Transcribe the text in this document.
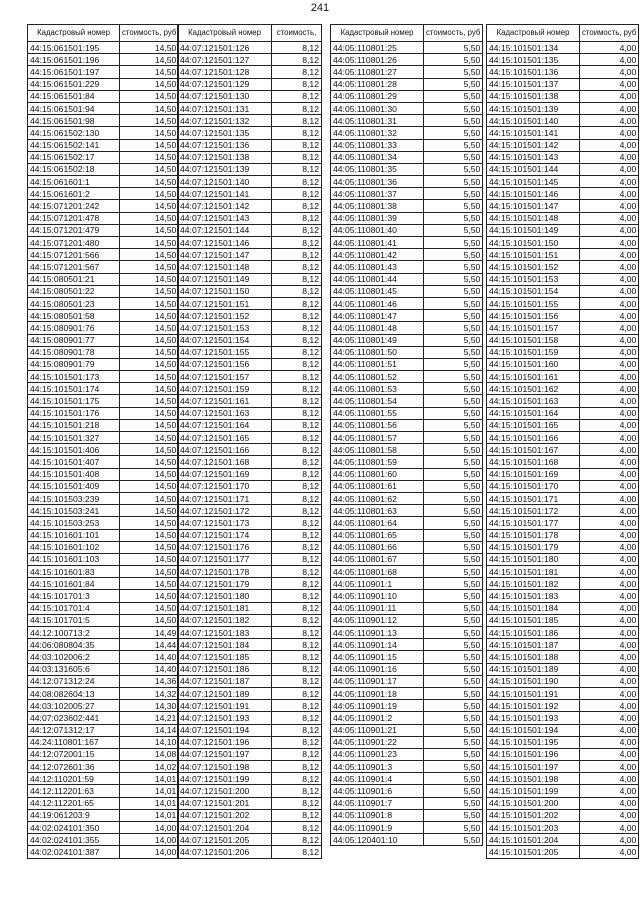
241
Кадастровый номер	стоимость, руб
44:15:061501:195	14,50
44:15:061501:196	14,50
44:15:061501:197	14,50
44:15:061501:229	14,50
44:15:061501:84	14,50
44:15:061501:94	14,50
44:15:061501:98	14,50
44:15:061502:130	14,50
44:15:061502:141	14,50
44:15:061502:17	14,50
44:15:061502:18	14,50
44:15:061601:1	14,50
44:15:061601:2	14,50
44:15:071201:242	14,50
44:15:071201:478	14,50
44:15:071201:479	14,50
44:15:071201:480	14,50
44:15:071201:566	14,50
44:15:071201:567	14,50
44:15:080501:21	14,50
44:15:080501:22	14,50
44:15:080501:23	14,50
44:15:080501:58	14,50
44:15:080901:76	14,50
44:15:080901:77	14,50
44:15:080901:78	14,50
44:15:080901:79	14,50
44:15:101501:173	14,50
44:15:101501:174	14,50
44:15:101501:175	14,50
44:15:101501:176	14,50
44:15:101501:218	14,50
44:15:101501:327	14,50
44:15:101501:406	14,50
44:15:101501:407	14,50
44:15:101501:408	14,50
44:15:101501:409	14,50
44:15:101503:239	14,50
44:15:101503:241	14,50
44:15:101503:253	14,50
44:15:101601:101	14,50
44:15:101601:102	14,50
44:15:101601:103	14,50
44:15:101601:83	14,50
44:15:101601:84	14,50
44:15:101701:3	14,50
44:15:101701:4	14,50
44:15:101701:5	14,50
44:12:100713:2	14,49
44:06:080804:35	14,44
44:03:102006:2	14,40
44:03:131605:6	14,40
44:12:071312:24	14,36
44:08:082604:13	14,32
44:03:102005:27	14,30
44:07:023602:441	14,21
44:12:071312:17	14,14
44:24:110801:167	14,10
44:12:072001:15	14,08
44:12:072601:36	14,02
44:12:110201:59	14,01
44:12:112201:63	14,01
44:12:112201:65	14,01
44:19:061203:9	14,01
44:02:024101:350	14,00
44:02:024101:355	14,00
44:02:024101:387	14,00
Кадастровый номер	стоимость,
44:07:121501:126	8,12
44:07:121501:127	8,12
44:07:121501:128	8,12
44:07:121501:129	8,12
44:07:121501:130	8,12
44:07:121501:131	8,12
44:07:121501:132	8,12
44:07:121501:135	8,12
44:07:121501:136	8,12
44:07:121501:138	8,12
44:07:121501:139	8,12
44:07:121501:140	8,12
44:07:121501:141	8,12
44:07:121501:142	8,12
44:07:121501:143	8,12
44:07:121501:144	8,12
44:07:121501:146	8,12
44:07:121501:147	8,12
44:07:121501:148	8,12
44:07:121501:149	8,12
44:07:121501:150	8,12
44:07:121501:151	8,12
44:07:121501:152	8,12
44:07:121501:153	8,12
44:07:121501:154	8,12
44:07:121501:155	8,12
44:07:121501:156	8,12
44:07:121501:157	8,12
44:07:121501:159	8,12
44:07:121501:161	8,12
44:07:121501:163	8,12
44:07:121501:164	8,12
44:07:121501:165	8,12
44:07:121501:166	8,12
44:07:121501:168	8,12
44:07:121501:169	8,12
44:07:121501:170	8,12
44:07:121501:171	8,12
44:07:121501:172	8,12
44:07:121501:173	8,12
44:07:121501:174	8,12
44:07:121501:176	8,12
44:07:121501:177	8,12
44:07:121501:178	8,12
44:07:121501:179	8,12
44:07:121501:180	8,12
44:07:121501:181	8,12
44:07:121501:182	8,12
44:07:121501:183	8,12
44:07:121501:184	8,12
44:07:121501:185	8,12
44:07:121501:186	8,12
44:07:121501:187	8,12
44:07:121501:189	8,12
44:07:121501:191	8,12
44:07:121501:193	8,12
44:07:121501:194	8,12
44:07:121501:196	8,12
44:07:121501:197	8,12
44:07:121501:198	8,12
44:07:121501:199	8,12
44:07:121501:200	8,12
44:07:121501:201	8,12
44:07:121501:202	8,12
44:07:121501:204	8,12
44:07:121501:205	8,12
44:07:121501:206	8,12
Кадастровый номер	стоимость, руб
44:05:110801:25	5,50
44:05:110801:26	5,50
44:05:110801:27	5,50
44:05:110801:28	5,50
44:05:110801:29	5,50
44:05:110801:30	5,50
44:05:110801:31	5,50
44:05:110801:32	5,50
44:05:110801:33	5,50
44:05:110801:34	5,50
44:05:110801:35	5,50
44:05:110801:36	5,50
44:05:110801:37	5,50
44:05:110801:38	5,50
44:05:110801:39	5,50
44:05:110801:40	5,50
44:05:110801:41	5,50
44:05:110801:42	5,50
44:05:110801:43	5,50
44:05:110801:44	5,50
44:05:110801:45	5,50
44:05:110801:46	5,50
44:05:110801:47	5,50
44:05:110801:48	5,50
44:05:110801:49	5,50
44:05:110801:50	5,50
44:05:110801:51	5,50
44:05:110801:52	5,50
44:05:110801:53	5,50
44:05:110801:54	5,50
44:05:110801:55	5,50
44:05:110801:56	5,50
44:05:110801:57	5,50
44:05:110801:58	5,50
44:05:110801:59	5,50
44:05:110801:60	5,50
44:05:110801:61	5,50
44:05:110801:62	5,50
44:05:110801:63	5,50
44:05:110801:64	5,50
44:05:110801:65	5,50
44:05:110801:66	5,50
44:05:110801:67	5,50
44:05:110801:68	5,50
44:05:110901:1	5,50
44:05:110901:10	5,50
44:05:110901:11	5,50
44:05:110901:12	5,50
44:05:110901:13	5,50
44:05:110901:14	5,50
44:05:110901:15	5,50
44:05:110901:16	5,50
44:05:110901:17	5,50
44:05:110901:18	5,50
44:05:110901:19	5,50
44:05:110901:2	5,50
44:05:110901:21	5,50
44:05:110901:22	5,50
44:05:110901:23	5,50
44:05:110901:3	5,50
44:05:110901:4	5,50
44:05:110901:6	5,50
44:05:110901:7	5,50
44:05:110901:8	5,50
44:05:110901:9	5,50
44:05:120401:10	5,50
Кадастровый номер	стоимость, руб
44:15:101501:134	4,00
44:15:101501:135	4,00
44:15:101501:136	4,00
44:15:101501:137	4,00
44:15:101501:138	4,00
44:15:101501:139	4,00
44:15:101501:140	4,00
44:15:101501:141	4,00
44:15:101501:142	4,00
44:15:101501:143	4,00
44:15:101501:144	4,00
44:15:101501:145	4,00
44:15:101501:146	4,00
44:15:101501:147	4,00
44:15:101501:148	4,00
44:15:101501:149	4,00
44:15:101501:150	4,00
44:15:101501:151	4,00
44:15:101501:152	4,00
44:15:101501:153	4,00
44:15:101501:154	4,00
44:15:101501:155	4,00
44:15:101501:156	4,00
44:15:101501:157	4,00
44:15:101501:158	4,00
44:15:101501:159	4,00
44:15:101501:160	4,00
44:15:101501:161	4,00
44:15:101501:162	4,00
44:15:101501:163	4,00
44:15:101501:164	4,00
44:15:101501:165	4,00
44:15:101501:166	4,00
44:15:101501:167	4,00
44:15:101501:168	4,00
44:15:101501:169	4,00
44:15:101501:170	4,00
44:15:101501:171	4,00
44:15:101501:172	4,00
44:15:101501:177	4,00
44:15:101501:178	4,00
44:15:101501:179	4,00
44:15:101501:180	4,00
44:15:101501:181	4,00
44:15:101501:182	4,00
44:15:101501:183	4,00
44:15:101501:184	4,00
44:15:101501:185	4,00
44:15:101501:186	4,00
44:15:101501:187	4,00
44:15:101501:188	4,00
44:15:101501:189	4,00
44:15:101501:190	4,00
44:15:101501:191	4,00
44:15:101501:192	4,00
44:15:101501:193	4,00
44:15:101501:194	4,00
44:15:101501:195	4,00
44:15:101501:196	4,00
44:15:101501:197	4,00
44:15:101501:198	4,00
44:15:101501:199	4,00
44:15:101501:200	4,00
44:15:101501:202	4,00
44:15:101501:203	4,00
44:15:101501:204	4,00
44:15:101501:205	4,00
